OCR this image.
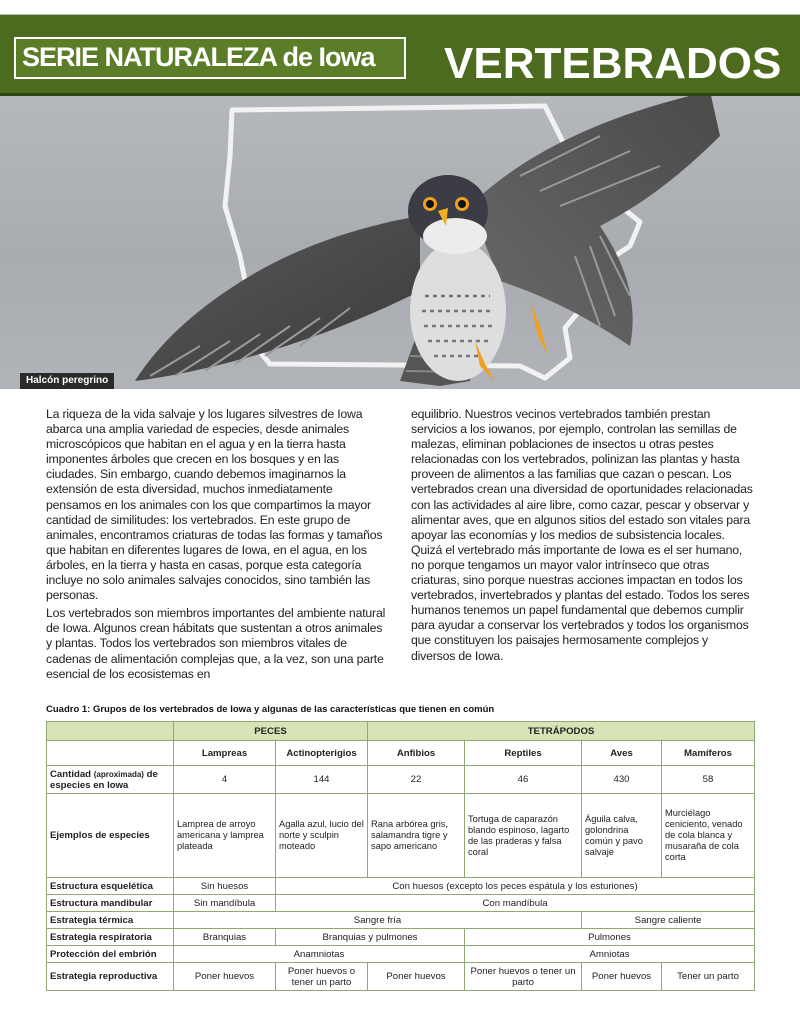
SERIE NATURALEZA de Iowa VERTEBRADOS
Halcón peregrino

La riqueza de la vida salvaje y los lugares silvestres de Iowa abarca una amplia variedad de especies, desde animales microscópicos que habitan en el agua y en la tierra hasta imponentes árboles que crecen en los bosques y en las ciudades. Sin embargo, cuando debemos imaginarnos la extensión de esta diversidad, muchos inmediatamente pensamos en los animales con los que compartimos la mayor cantidad de similitudes: los vertebrados. En este grupo de animales, encontramos criaturas de todas las formas y tamaños que habitan en diferentes lugares de Iowa, en el agua, en los árboles, en la tierra y hasta en casas, porque esta categoría incluye no solo animales salvajes conocidos, sino también las personas.

Los vertebrados son miembros importantes del ambiente natural de Iowa. Algunos crean hábitats que sustentan a otros animales y plantas. Todos los vertebrados son miembros vitales de cadenas de alimentación complejas que, a la vez, son una parte esencial de los ecosistemas en

equilibrio. Nuestros vecinos vertebrados también prestan servicios a los iowanos, por ejemplo, controlan las semillas de malezas, eliminan poblaciones de insectos u otras pestes relacionadas con los vertebrados, polinizan las plantas y hasta proveen de alimentos a las familias que cazan o pescan. Los vertebrados crean una diversidad de oportunidades relacionadas con las actividades al aire libre, como cazar, pescar y observar y alimentar aves, que en algunos sitios del estado son vitales para apoyar las economías y los medios de subsistencia locales. Quizá el vertebrado más importante de Iowa es el ser humano, no porque tengamos un mayor valor intrínseco que otras criaturas, sino porque nuestras acciones impactan en todos los vertebrados, invertebrados y plantas del estado. Todos los seres humanos tenemos un papel fundamental que debemos cumplir para ayudar a conservar los vertebrados y todos los organismos que constituyen los paisajes hermosamente complejos y diversos de Iowa.

Cuadro 1: Grupos de los vertebrados de Iowa y algunas de las características que tienen en común
	PECES		TETRÁPODOS			
	Lampreas	Actinopterigios	Anfibios	Reptiles	Aves	Mamíferos
Cantidad (aproximada) de especies en Iowa	4	144	22	46	430	58
Ejemplos de especies	Lamprea de arroyo americana y lamprea plateada	Agalla azul, lucio del norte y sculpin moteado	Rana arbórea gris, salamandra tigre y sapo americano	Tortuga de caparazón blando espinoso, lagarto de las praderas y falsa coral	Águila calva, golondrina común y pavo salvaje	Murciélago ceniciento, venado de cola blanca y musaraña de cola corta
Estructura esquelética	Sin huesos	Con huesos (excepto los peces espátula y los esturiones)				
Estructura mandibular	Sin mandíbula	Con mandíbula				
Estrategia térmica	Sangre fría				Sangre caliente	
Estrategia respiratoria	Branquias	Branquias y pulmones		Pulmones		
Protección del embrión	Anamniotas			Amniotas		
Estrategia reproductiva	Poner huevos	Poner huevos o tener un parto	Poner huevos	Poner huevos o tener un parto	Poner huevos	Tener un parto
